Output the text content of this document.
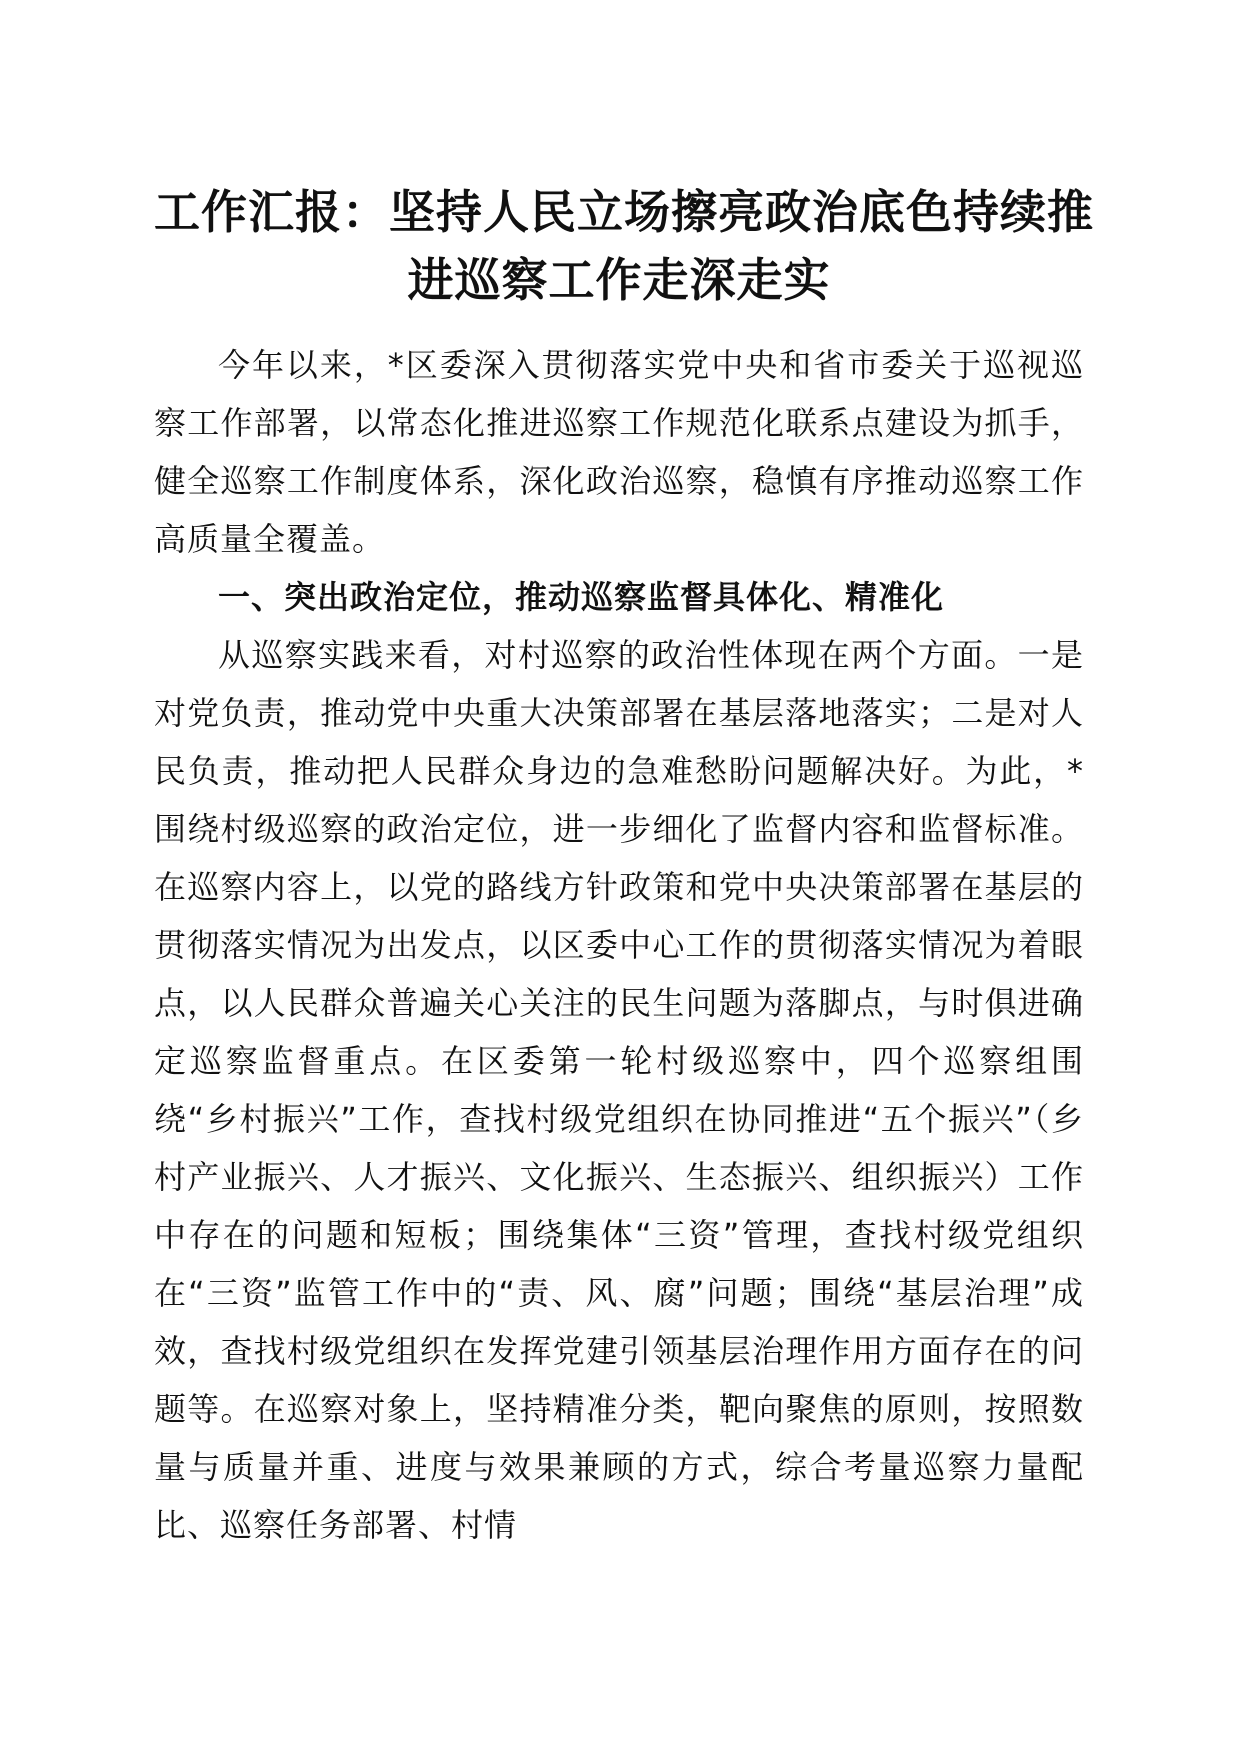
工作汇报：坚持人民立场擦亮政治底色持续推
进巡察工作走深走实

今年以来，*区委深入贯彻落实党中央和省市委关于巡视巡察工作部署，以常态化推进巡察工作规范化联系点建设为抓手，健全巡察工作制度体系，深化政治巡察，稳慎有序推动巡察工作高质量全覆盖。

一、突出政治定位，推动巡察监督具体化、精准化

从巡察实践来看，对村巡察的政治性体现在两个方面。一是对党负责，推动党中央重大决策部署在基层落地落实；二是对人民负责，推动把人民群众身边的急难愁盼问题解决好。为此，*围绕村级巡察的政治定位，进一步细化了监督内容和监督标准。在巡察内容上，以党的路线方针政策和党中央决策部署在基层的贯彻落实情况为出发点，以区委中心工作的贯彻落实情况为着眼点，以人民群众普遍关心关注的民生问题为落脚点，与时俱进确定巡察监督重点。在区委第一轮村级巡察中，四个巡察组围绕“乡村振兴”工作，查找村级党组织在协同推进“五个振兴”（乡村产业振兴、人才振兴、文化振兴、生态振兴、组织振兴）工作中存在的问题和短板；围绕集体“三资”管理，查找村级党组织在“三资”监管工作中的“责、风、腐”问题；围绕“基层治理”成效，查找村级党组织在发挥党建引领基层治理作用方面存在的问题等。在巡察对象上，坚持精准分类，靶向聚焦的原则，按照数量与质量并重、进度与效果兼顾的方式，综合考量巡察力量配比、巡察任务部署、村情
